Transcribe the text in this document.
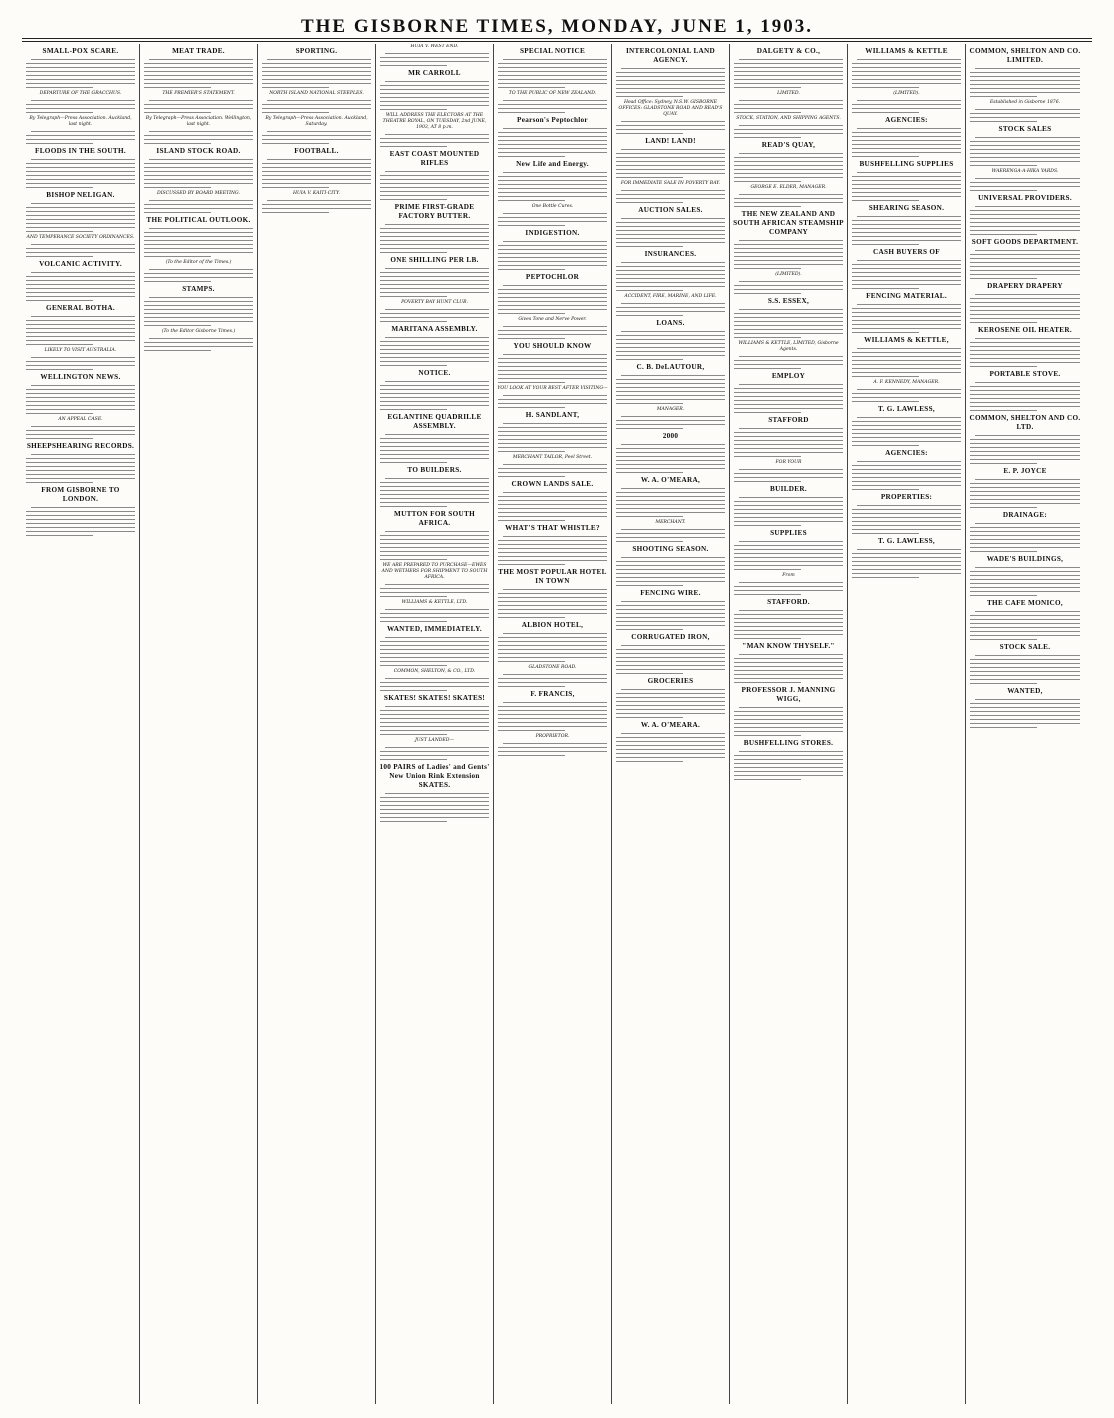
THE GISBORNE TIMES, MONDAY, JUNE 1, 1903.
SMALL-POX SCARE.
DEPARTURE OF THE GRACCHUS.
By Telegraph—Press Association. Auckland, last night.
FLOODS IN THE SOUTH.
BISHOP NELIGAN.
AND TEMPERANCE SOCIETY ORDINANCES.
VOLCANIC ACTIVITY.
GENERAL BOTHA.
LIKELY TO VISIT AUSTRALIA.
WELLINGTON NEWS.
AN APPEAL CASE.
SHEEPSHEARING RECORDS.
FROM GISBORNE TO LONDON.
MEAT TRADE.
THE PREMIER'S STATEMENT.
By Telegraph—Press Association. Wellington, last night.
ISLAND STOCK ROAD.
DISCUSSED BY BOARD MEETING.
THE POLITICAL OUTLOOK.
(To the Editor of the Times.)
STAMPS.
(To the Editor Gisborne Times.)
SPORTING.
NORTH ISLAND NATIONAL STEEPLES.
By Telegraph—Press Association. Auckland, Saturday.
FOOTBALL.
HUIA V. KAITI-CITY.
HUIA V. WEST END.
MR CARROLL
WILL ADDRESS THE ELECTORS AT THE THEATRE ROYAL, ON TUESDAY, 2nd JUNE, 1903, AT 8 p.m.
EAST COAST MOUNTED RIFLES
PRIME FIRST-GRADE FACTORY BUTTER.
ONE SHILLING PER LB.
POVERTY BAY HUNT CLUB.
MARITANA ASSEMBLY.
NOTICE.
EGLANTINE QUADRILLE ASSEMBLY.
TO BUILDERS.
MUTTON FOR SOUTH AFRICA.
WE ARE PREPARED TO PURCHASE—EWES AND WETHERS FOR SHIPMENT TO SOUTH AFRICA.
WILLIAMS & KETTLE, LTD.
WANTED, IMMEDIATELY.
COMMON, SHELTON, & CO., LTD.
SKATES! SKATES! SKATES!
JUST LANDED—
100 PAIRS of Ladies' and Gents' New Union Rink Extension SKATES.
SPECIAL NOTICE
TO THE PUBLIC OF NEW ZEALAND.
Pearson's Peptochlor
New Life and Energy.
One Bottle Cures.
INDIGESTION.
PEPTOCHLOR
Gives Tone and Nerve Power.
YOU SHOULD KNOW
YOU LOOK AT YOUR BEST AFTER VISITING—
H. SANDLANT,
MERCHANT TAILOR, Peel Street.
CROWN LANDS SALE.
WHAT'S THAT WHISTLE?
THE MOST POPULAR HOTEL IN TOWN
ALBION HOTEL,
GLADSTONE ROAD.
F. FRANCIS,
PROPRIETOR.
INTERCOLONIAL LAND AGENCY.
Head Office: Sydney, N.S.W. GISBORNE OFFICES: GLADSTONE ROAD AND READ'S QUAY.
LAND! LAND!
FOR IMMEDIATE SALE IN POVERTY BAY.
AUCTION SALES.
INSURANCES.
ACCIDENT, FIRE, MARINE, AND LIFE.
LOANS.
C. B. DeLAUTOUR,
MANAGER.
2000
W. A. O'MEARA,
MERCHANT.
SHOOTING SEASON.
FENCING WIRE.
CORRUGATED IRON,
GROCERIES
W. A. O'MEARA.
DALGETY & CO.,
LIMITED.
STOCK, STATION, AND SHIPPING AGENTS.
READ'S QUAY,
GEORGE E. ELDER, MANAGER.
THE NEW ZEALAND AND SOUTH AFRICAN STEAMSHIP COMPANY
(LIMITED).
S.S. ESSEX,
WILLIAMS & KETTLE, LIMITED, Gisborne Agents.
EMPLOY
STAFFORD
FOR YOUR
BUILDER.
SUPPLIES
From
STAFFORD.
"MAN KNOW THYSELF."
PROFESSOR J. MANNING WIGG,
BUSHFELLING STORES.
WILLIAMS & KETTLE
(LIMITED).
AGENCIES:
BUSHFELLING SUPPLIES
SHEARING SEASON.
CASH BUYERS OF
FENCING MATERIAL.
WILLIAMS & KETTLE,
A. F. KENNEDY, MANAGER.
T. G. LAWLESS,
AGENCIES:
PROPERTIES:
T. G. LAWLESS,
COMMON, SHELTON AND CO. LIMITED.
Established in Gisborne 1876.
STOCK SALES
WAERENGA-A-HIKA YARDS.
UNIVERSAL PROVIDERS.
SOFT GOODS DEPARTMENT.
DRAPERY DRAPERY
KEROSENE OIL HEATER.
PORTABLE STOVE.
COMMON, SHELTON AND CO. LTD.
E. P. JOYCE
DRAINAGE:
WADE'S BUILDINGS,
THE CAFE MONICO,
STOCK SALE.
WANTED,
